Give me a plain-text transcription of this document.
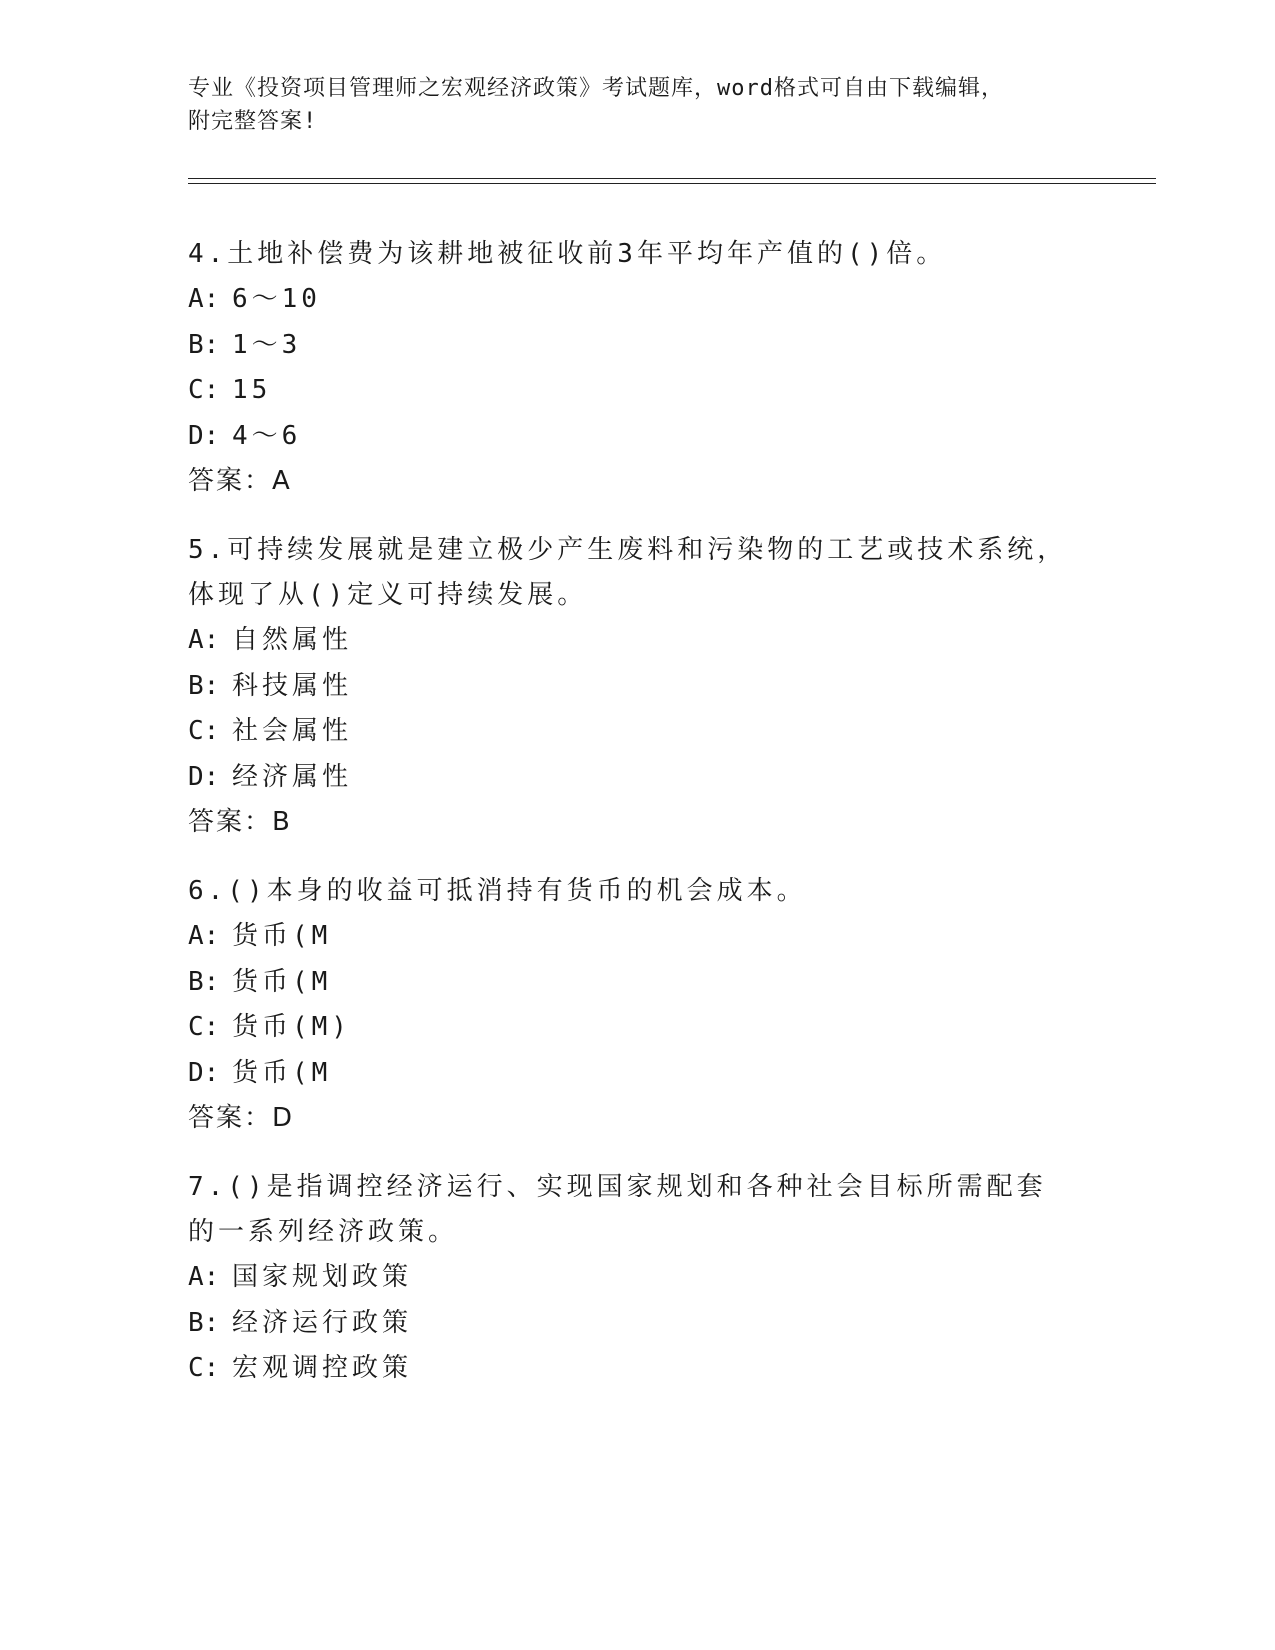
专业《投资项目管理师之宏观经济政策》考试题库，word格式可自由下载编辑，
附完整答案!
4.土地补偿费为该耕地被征收前3年平均年产值的()倍。
A: 6～10
B: 1～3
C: 15
D: 4～6
答案：A
5.可持续发展就是建立极少产生废料和污染物的工艺或技术系统，体现了从()定义可持续发展。
A: 自然属性
B: 科技属性
C: 社会属性
D: 经济属性
答案：B
6.()本身的收益可抵消持有货币的机会成本。
A: 货币(M
B: 货币(M
C: 货币(M)
D: 货币(M
答案：D
7.()是指调控经济运行、实现国家规划和各种社会目标所需配套的一系列经济政策。
A: 国家规划政策
B: 经济运行政策
C: 宏观调控政策
